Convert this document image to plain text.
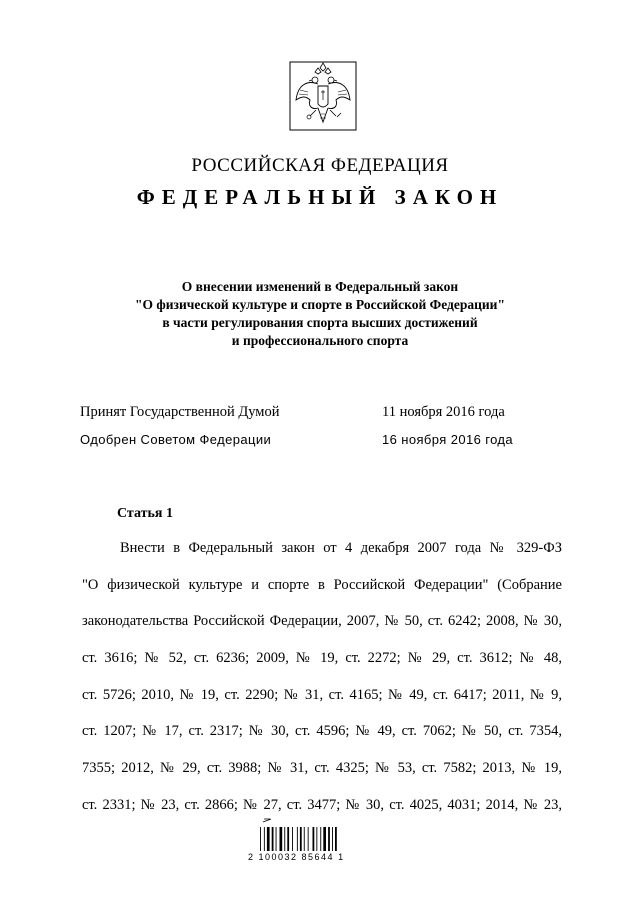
РОССИЙСКАЯ ФЕДЕРАЦИЯ
ФЕДЕРАЛЬНЫЙ ЗАКОН
О внесении изменений в Федеральный закон
"О физической культуре и спорте в Российской Федерации"
в части регулирования спорта высших достижений
и профессионального спорта
Принят Государственной Думой	11 ноября 2016 года
Одобрен Советом Федерации	16 ноября 2016 года
Статья 1
Внести в Федеральный закон от 4 декабря 2007 года № 329-ФЗ
"О физической культуре и спорте в Российской Федерации" (Собрание
законодательства Российской Федерации, 2007, № 50, ст. 6242; 2008, № 30,
ст. 3616; № 52, ст. 6236; 2009, № 19, ст. 2272; № 29, ст. 3612; № 48,
ст. 5726; 2010, № 19, ст. 2290; № 31, ст. 4165; № 49, ст. 6417; 2011, № 9,
ст. 1207; № 17, ст. 2317; № 30, ст. 4596; № 49, ст. 7062; № 50, ст. 7354,
7355; 2012, № 29, ст. 3988; № 31, ст. 4325; № 53, ст. 7582; 2013, № 19,
ст. 2331; № 23, ст. 2866; № 27, ст. 3477; № 30, ст. 4025, 4031; 2014, № 23,
2 100032 85644 1
